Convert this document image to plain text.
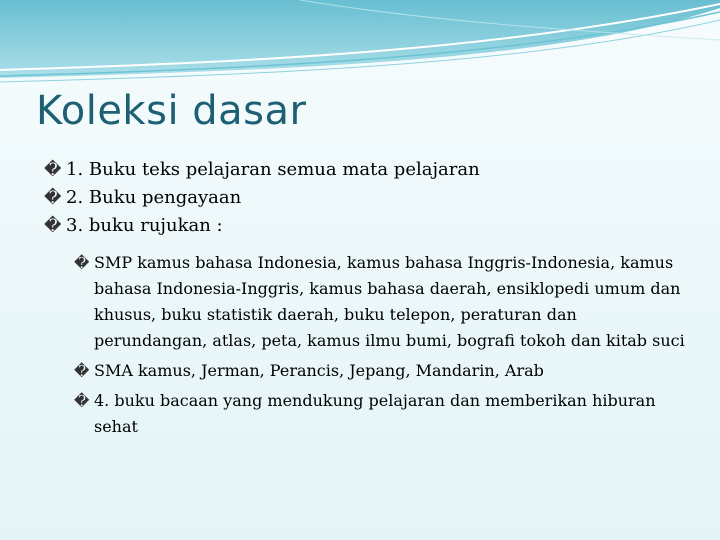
Koleksi dasar
� 1. Buku teks pelajaran semua mata pelajaran
� 2. Buku pengayaan
� 3. buku rujukan :
� SMP kamus bahasa Indonesia, kamus bahasa Inggris-Indonesia, kamus bahasa Indonesia-Inggris, kamus bahasa daerah, ensiklopedi umum dan khusus, buku statistik daerah, buku telepon, peraturan dan perundangan, atlas, peta, kamus ilmu bumi, bografi tokoh dan kitab suci
� SMA kamus, Jerman, Perancis, Jepang, Mandarin, Arab
� 4. buku bacaan yang mendukung pelajaran dan memberikan hiburan sehat
